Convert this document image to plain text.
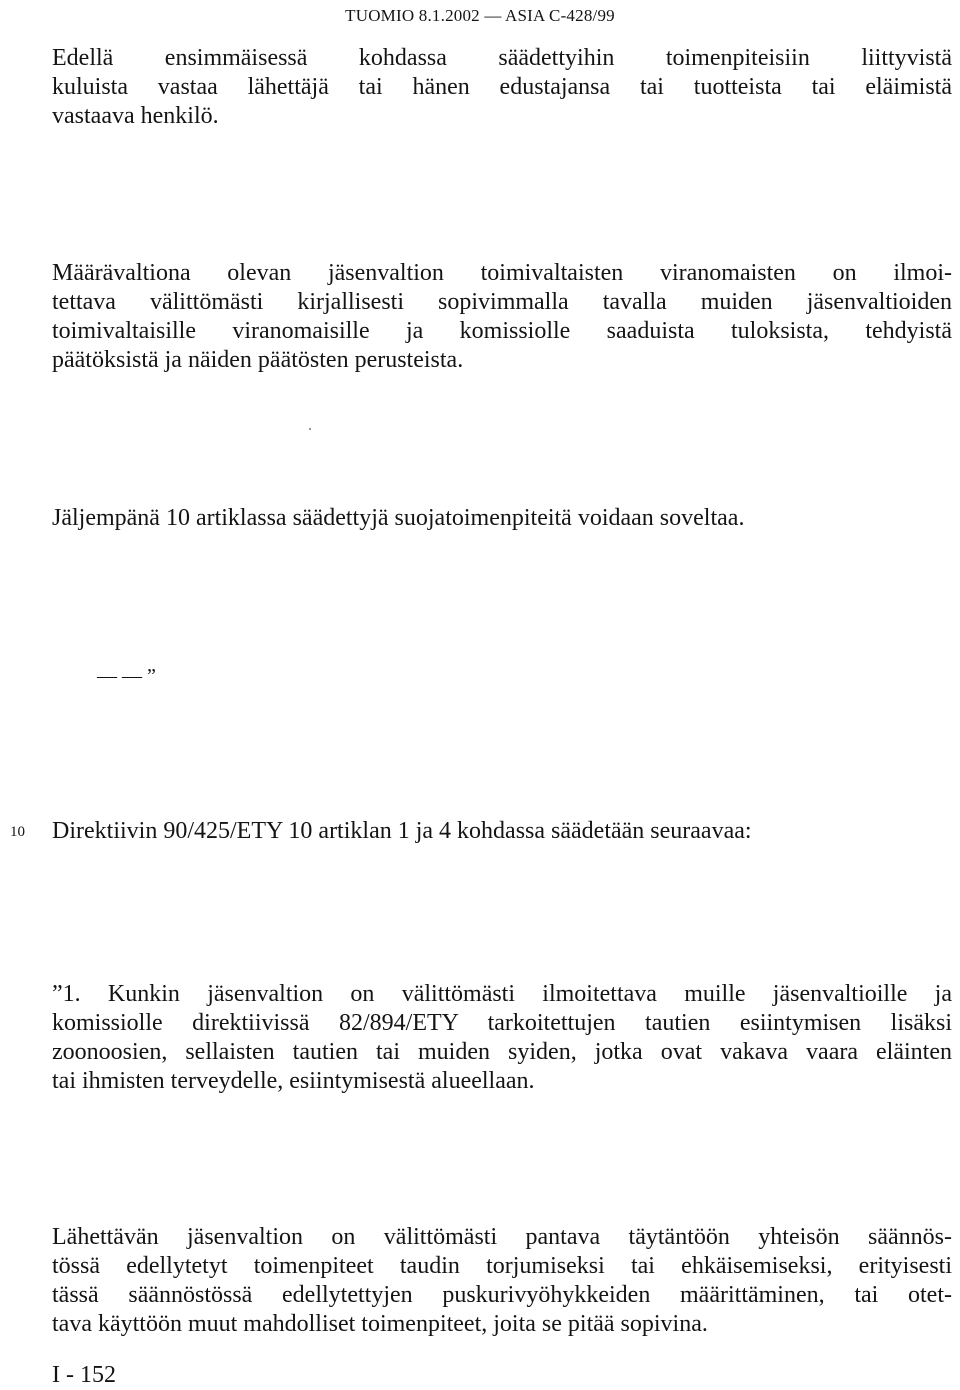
TUOMIO 8.1.2002 — ASIA C-428/99
Edellä ensimmäisessä kohdassa säädettyihin toimenpiteisiin liittyvistä
kuluista vastaa lähettäjä tai hänen edustajansa tai tuotteista tai eläimistä
vastaava henkilö.
Määrävaltiona olevan jäsenvaltion toimivaltaisten viranomaisten on ilmoi-
tettava välittömästi kirjallisesti sopivimmalla tavalla muiden jäsenvaltioiden
toimivaltaisille viranomaisille ja komissiolle saaduista tuloksista, tehdyistä
päätöksistä ja näiden päätösten perusteista.
Jäljempänä 10 artiklassa säädettyjä suojatoimenpiteitä voidaan soveltaa.
— — ”
10 Direktiivin 90/425/ETY 10 artiklan 1 ja 4 kohdassa säädetään seuraavaa:
”1. Kunkin jäsenvaltion on välittömästi ilmoitettava muille jäsenvaltioille ja
komissiolle direktiivissä 82/894/ETY tarkoitettujen tautien esiintymisen lisäksi
zoonoosien, sellaisten tautien tai muiden syiden, jotka ovat vakava vaara eläinten
tai ihmisten terveydelle, esiintymisestä alueellaan.
Lähettävän jäsenvaltion on välittömästi pantava täytäntöön yhteisön säännös-
tössä edellytetyt toimenpiteet taudin torjumiseksi tai ehkäisemiseksi, erityisesti
tässä säännöstössä edellytettyjen puskurivyöhykkeiden määrittäminen, tai otet-
tava käyttöön muut mahdolliset toimenpiteet, joita se pitää sopivina.
I - 152
